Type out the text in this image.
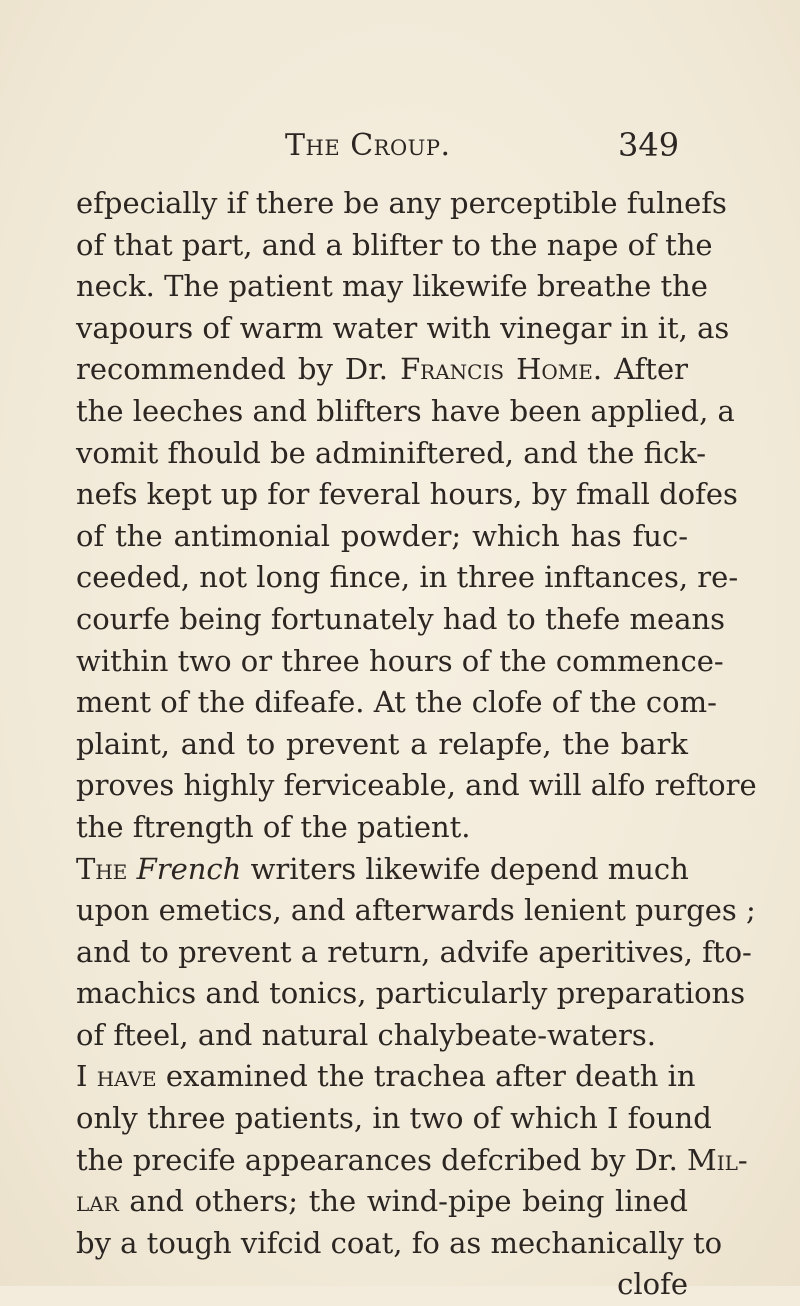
The Croup.	349
efpecially if there be any perceptible fulnefs
of that part, and a blifter to the nape of the
neck. The patient may likewife breathe the
vapours of warm water with vinegar in it, as
recommended by Dr. Francis Home. After
the leeches and blifters have been applied, a
vomit fhould be adminiftered, and the fick-
nefs kept up for feveral hours, by fmall dofes
of the antimonial powder; which has fuc-
ceeded, not long fince, in three inftances, re-
courfe being fortunately had to thefe means
within two or three hours of the commence-
ment of the difeafe. At the clofe of the com-
plaint, and to prevent a relapfe, the bark
proves highly ferviceable, and will alfo reftore
the ftrength of the patient.
The French writers likewife depend much
upon emetics, and afterwards lenient purges ;
and to prevent a return, advife aperitives, fto-
machics and tonics, particularly preparations
of fteel, and natural chalybeate-waters.
I have examined the trachea after death in
only three patients, in two of which I found
the precife appearances defcribed by Dr. Mil-
lar and others; the wind-pipe being lined
by a tough vifcid coat, fo as mechanically to
clofe
